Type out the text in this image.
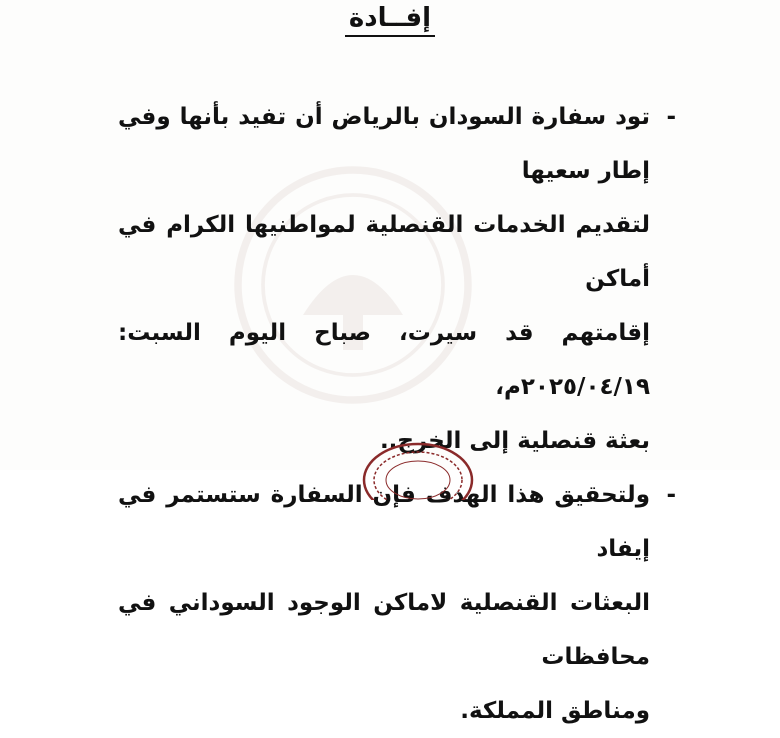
إفــادة
-
تود سفارة السودان بالرياض أن تفيد بأنها وفي إطار سعيها
لتقديم الخدمات القنصلية لمواطنيها الكرام في أماكن
إقامتهم قد سيرت، صباح اليوم السبت: ٢٠٢٥/٠٤/١٩م،
بعثة قنصلية إلى الخرج..
-
ولتحقيق هذا الهدف فإن السفارة ستستمر في إيفاد
البعثات القنصلية لاماكن الوجود السوداني في محافظات
ومناطق المملكة.
